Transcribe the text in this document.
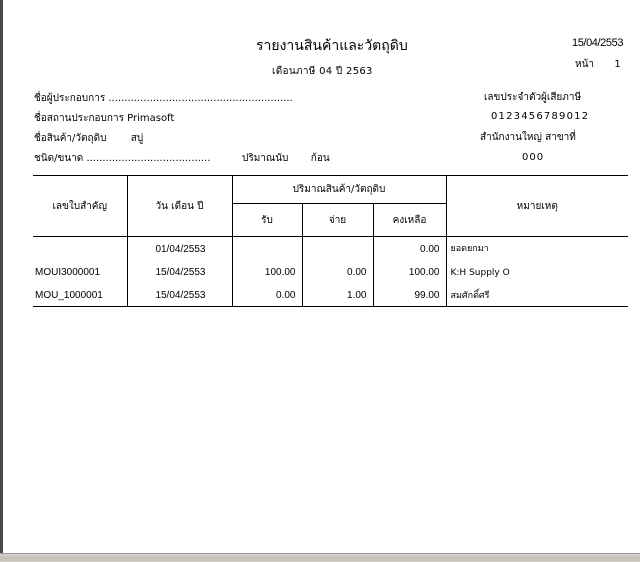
รายงานสินค้าและวัตถุดิบ
เดือนภาษี 04 ปี 2563
15/04/2553
หน้า 1
ชื่อผู้ประกอบการ ..........................................................
ชื่อสถานประกอบการ Primasoft
ชื่อสินค้า/วัตถุดิบ สบู่
ชนิด/ขนาด .......................................	ปริมาณนับ ก้อน
เลขประจำตัวผู้เสียภาษี
0123456789012
สำนักงานใหญ่ สาขาที่
000
เลขใบสำคัญ	วัน เดือน ปี	ปริมาณสินค้า/วัตถุดิบ			หมายเหตุ
		รับ	จ่าย	คงเหลือ	
	01/04/2553			0.00	ยอดยกมา
MOUI3000001	15/04/2553	100.00	0.00	100.00	K:H Supply O
MOU_1000001	15/04/2553	0.00	1.00	99.00	สมศักดิ์ศรี
